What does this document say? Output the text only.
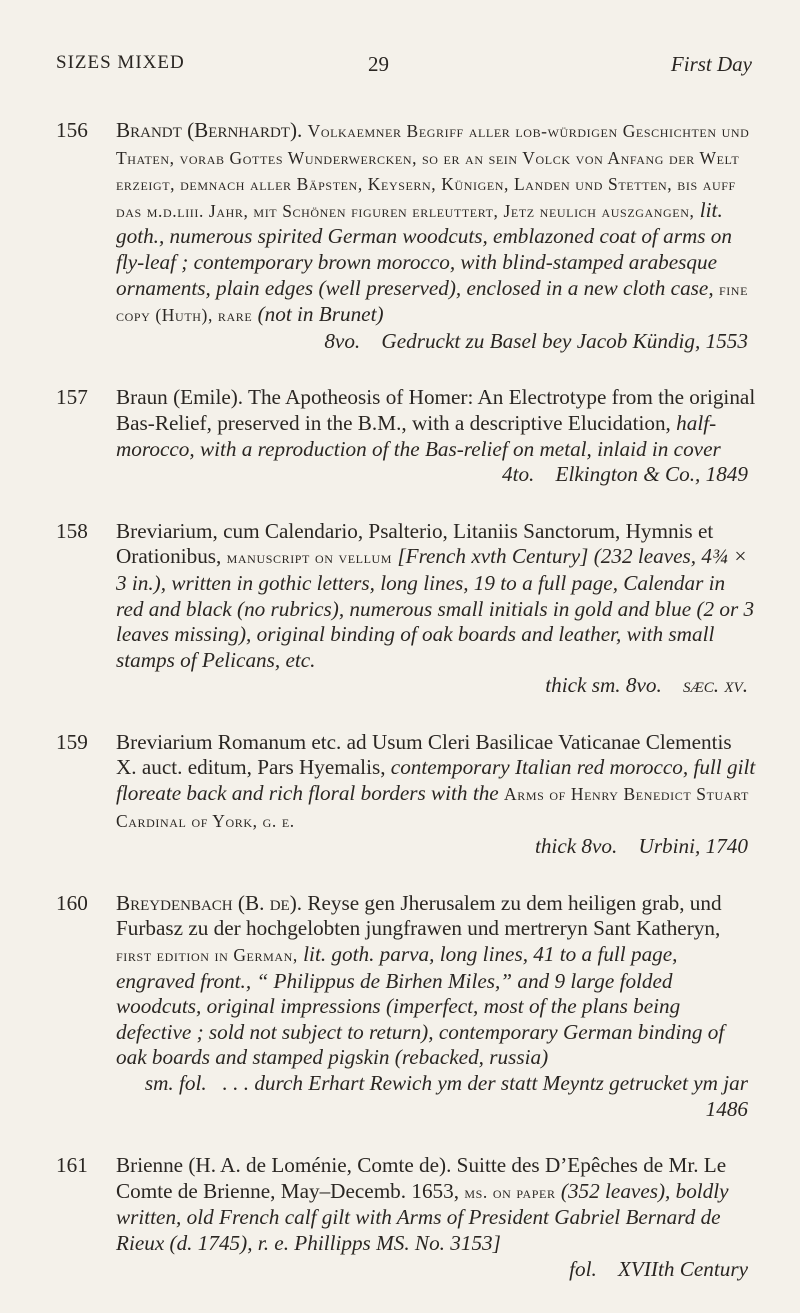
SIZES MIXED	29	First Day
156 Brandt (Bernhardt). Volkaemner Begriff aller lob-würdigen Geschichten und Thaten, vorab Gottes Wunderwercken, so er an sein Volck von Anfang der Welt erzeigt, demnach aller Bäpsten, Keysern, Künigen, Landen und Stetten, bis auff das m.d.liii. Jahr, mit Schönen figuren erleuttert, Jetz neulich auszgangen, lit. goth., numerous spirited German woodcuts, emblazoned coat of arms on fly-leaf ; contemporary brown morocco, with blind-stamped arabesque ornaments, plain edges (well preserved), enclosed in a new cloth case, fine copy (Huth), rare (not in Brunet)
8vo. Gedruckt zu Basel bey Jacob Kündig, 1553
157 Braun (Emile). The Apotheosis of Homer: An Electrotype from the original Bas-Relief, preserved in the B.M., with a descriptive Elucidation, half-morocco, with a reproduction of the Bas-relief on metal, inlaid in cover
4to. Elkington & Co., 1849
158 Breviarium, cum Calendario, Psalterio, Litaniis Sanctorum, Hymnis et Orationibus, manuscript on vellum [French xvth Century] (232 leaves, 4¾ × 3 in.), written in gothic letters, long lines, 19 to a full page, Calendar in red and black (no rubrics), numerous small initials in gold and blue (2 or 3 leaves missing), original binding of oak boards and leather, with small stamps of Pelicans, etc.
thick sm. 8vo. sæc. xv.
159 Breviarium Romanum etc. ad Usum Cleri Basilicae Vaticanae Clementis X. auct. editum, Pars Hyemalis, contemporary Italian red morocco, full gilt floreate back and rich floral borders with the Arms of Henry Benedict Stuart Cardinal of York, g. e.
thick 8vo. Urbini, 1740
160 Breydenbach (B. de). Reyse gen Jherusalem zu dem heiligen grab, und Furbasz zu der hochgelobten jungfrawen und mertreryn Sant Katheryn, first edition in German, lit. goth. parva, long lines, 41 to a full page, engraved front., “ Philippus de Birhen Miles,” and 9 large folded woodcuts, original impressions (imperfect, most of the plans being defective ; sold not subject to return), contemporary German binding of oak boards and stamped pigskin (rebacked, russia)
sm. fol. . . . durch Erhart Rewich ym der statt Meyntz getrucket ym jar 1486
161 Brienne (H. A. de Loménie, Comte de). Suitte des D’Epêches de Mr. Le Comte de Brienne, May–Decemb. 1653, ms. on paper (352 leaves), boldly written, old French calf gilt with Arms of President Gabriel Bernard de Rieux (d. 1745), r. e. Phillipps MS. No. 3153]
fol. XVIIth Century
